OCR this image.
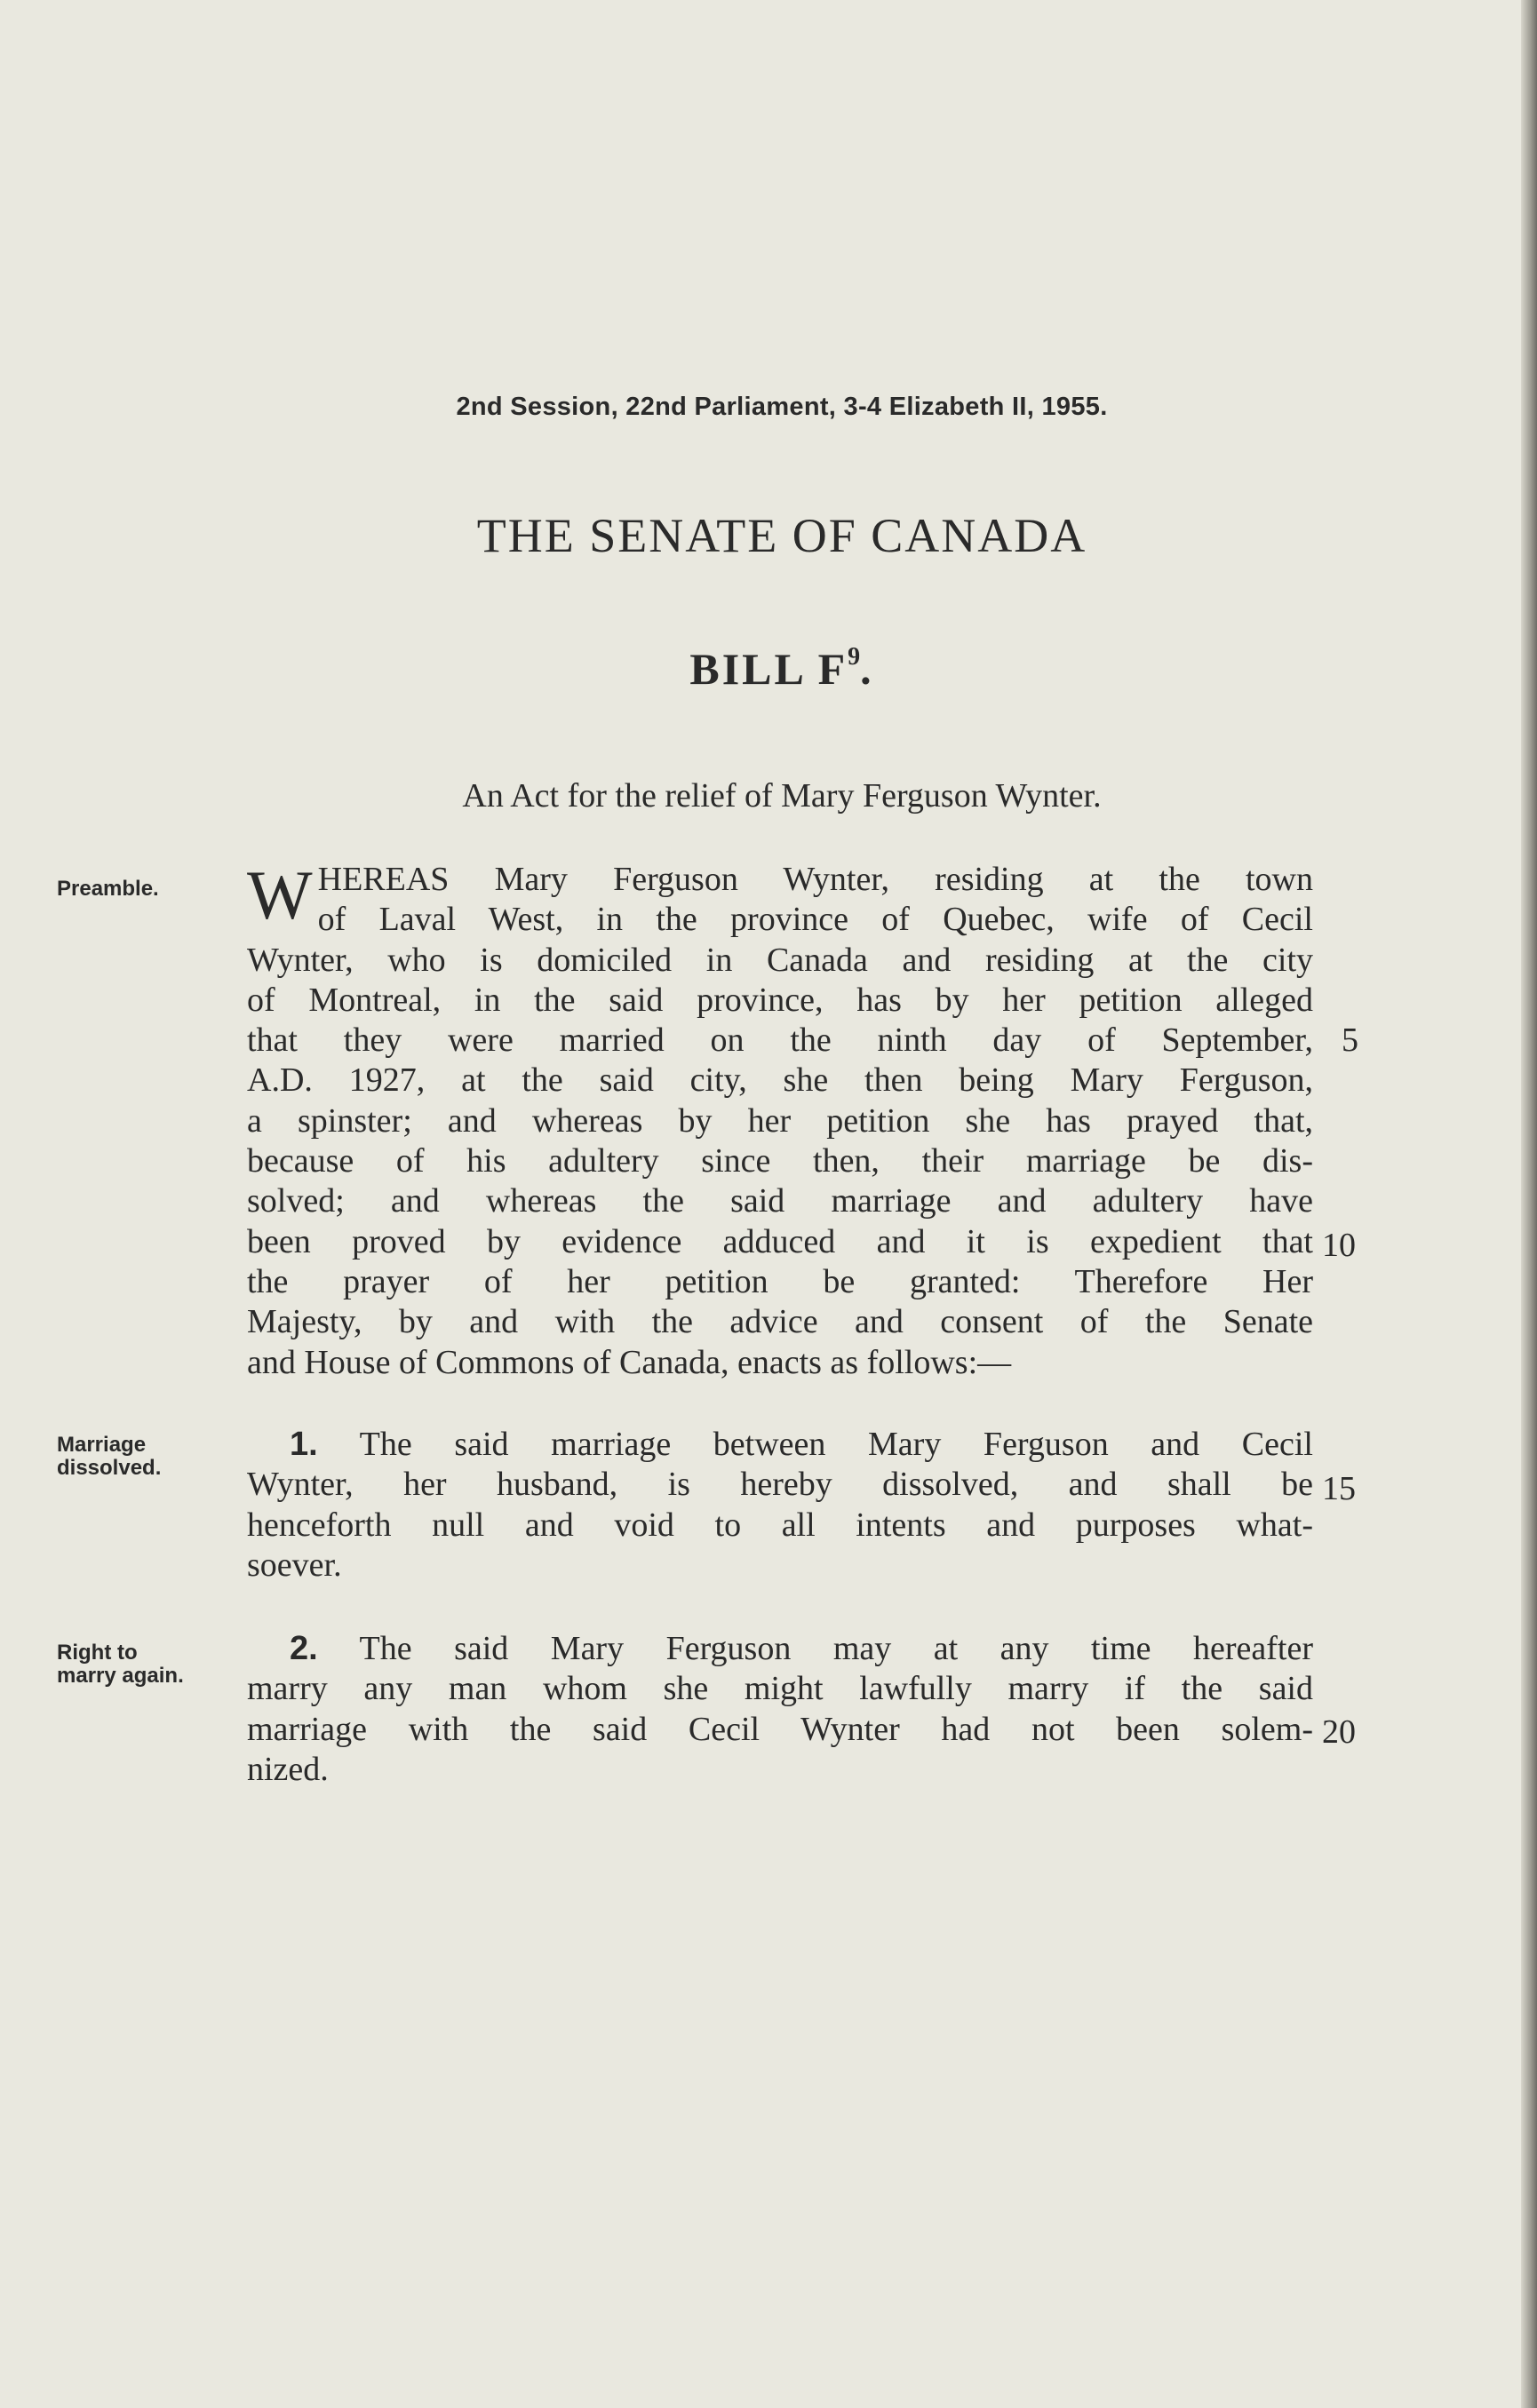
2nd Session, 22nd Parliament, 3-4 Elizabeth II, 1955.
THE SENATE OF CANADA
BILL $F^9$.
An Act for the relief of Mary Ferguson Wynter.
Preamble.
Marriage
dissolved.
Right to
marry again.
W HEREAS Mary Ferguson Wynter, residing at the town
of Laval West, in the province of Quebec, wife of Cecil
Wynter, who is domiciled in Canada and residing at the city
of Montreal, in the said province, has by her petition alleged
that they were married on the ninth day of September,
A.D. 1927, at the said city, she then being Mary Ferguson,
a spinster; and whereas by her petition she has prayed that,
because of his adultery since then, their marriage be dis-
solved; and whereas the said marriage and adultery have
been proved by evidence adduced and it is expedient that
the prayer of her petition be granted: Therefore Her
Majesty, by and with the advice and consent of the Senate
and House of Commons of Canada, enacts as follows:—
1. The said marriage between Mary Ferguson and Cecil
Wynter, her husband, is hereby dissolved, and shall be
henceforth null and void to all intents and purposes what-
soever.
2. The said Mary Ferguson may at any time hereafter
marry any man whom she might lawfully marry if the said
marriage with the said Cecil Wynter had not been solem-
nized.
5
10
15
20
